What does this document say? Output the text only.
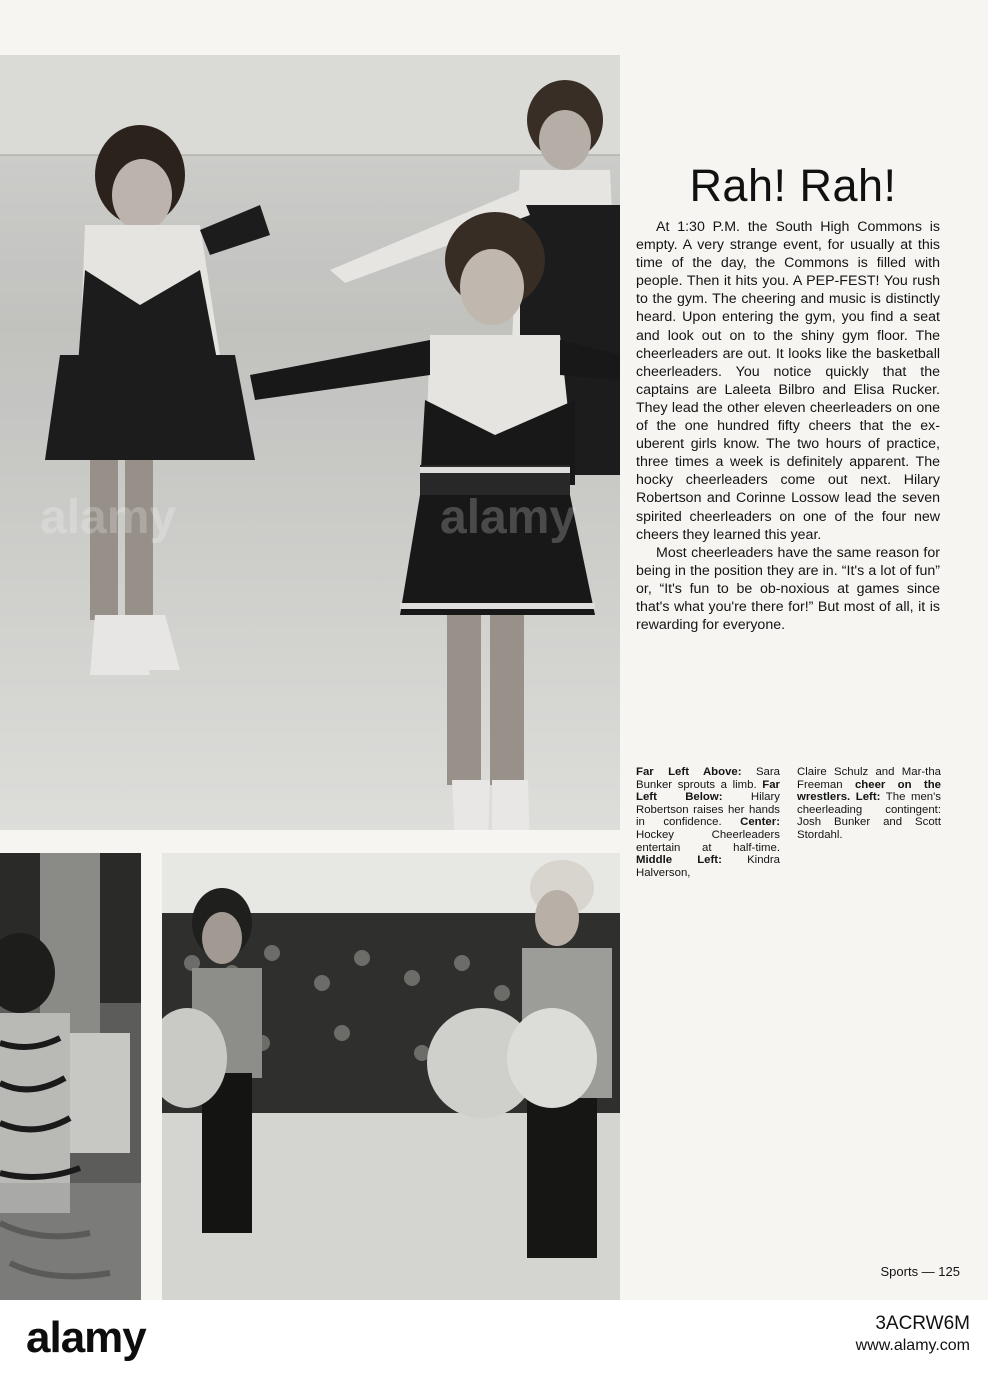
Rah! Rah!

At 1:30 P.M. the South High Commons is empty. A very strange event, for usually at this time of the day, the Commons is filled with people. Then it hits you. A PEP-FEST! You rush to the gym. The cheering and music is distinctly heard. Upon entering the gym, you find a seat and look out on to the shiny gym floor. The cheerleaders are out. It looks like the basketball cheerleaders. You notice quickly that the captains are Laleeta Bilbro and Elisa Rucker. They lead the other eleven cheerleaders on one of the one hundred fifty cheers that the ex-uberent girls know. The two hours of practice, three times a week is definitely apparent. The hocky cheerleaders come out next. Hilary Robertson and Corinne Lossow lead the seven spirited cheerleaders on one of the four new cheers they learned this year.

Most cheerleaders have the same reason for being in the position they are in. “It's a lot of fun” or, “It's fun to be ob-noxious at games since that's what you're there for!” But most of all, it is rewarding for everyone.

Far Left Above: Sara Bunker sprouts a limb. Far Left Below: Hilary Robertson raises her hands in confidence. Center: Hockey Cheerleaders entertain at half-time. Middle Left: Kindra Halverson,
Claire Schulz and Mar-tha Freeman cheer on the wrestlers. Left: The men's cheerleading contingent: Josh Bunker and Scott Stordahl.
Sports — 125
alamy	alamy
alamy	3ACRW6M
www.alamy.com
